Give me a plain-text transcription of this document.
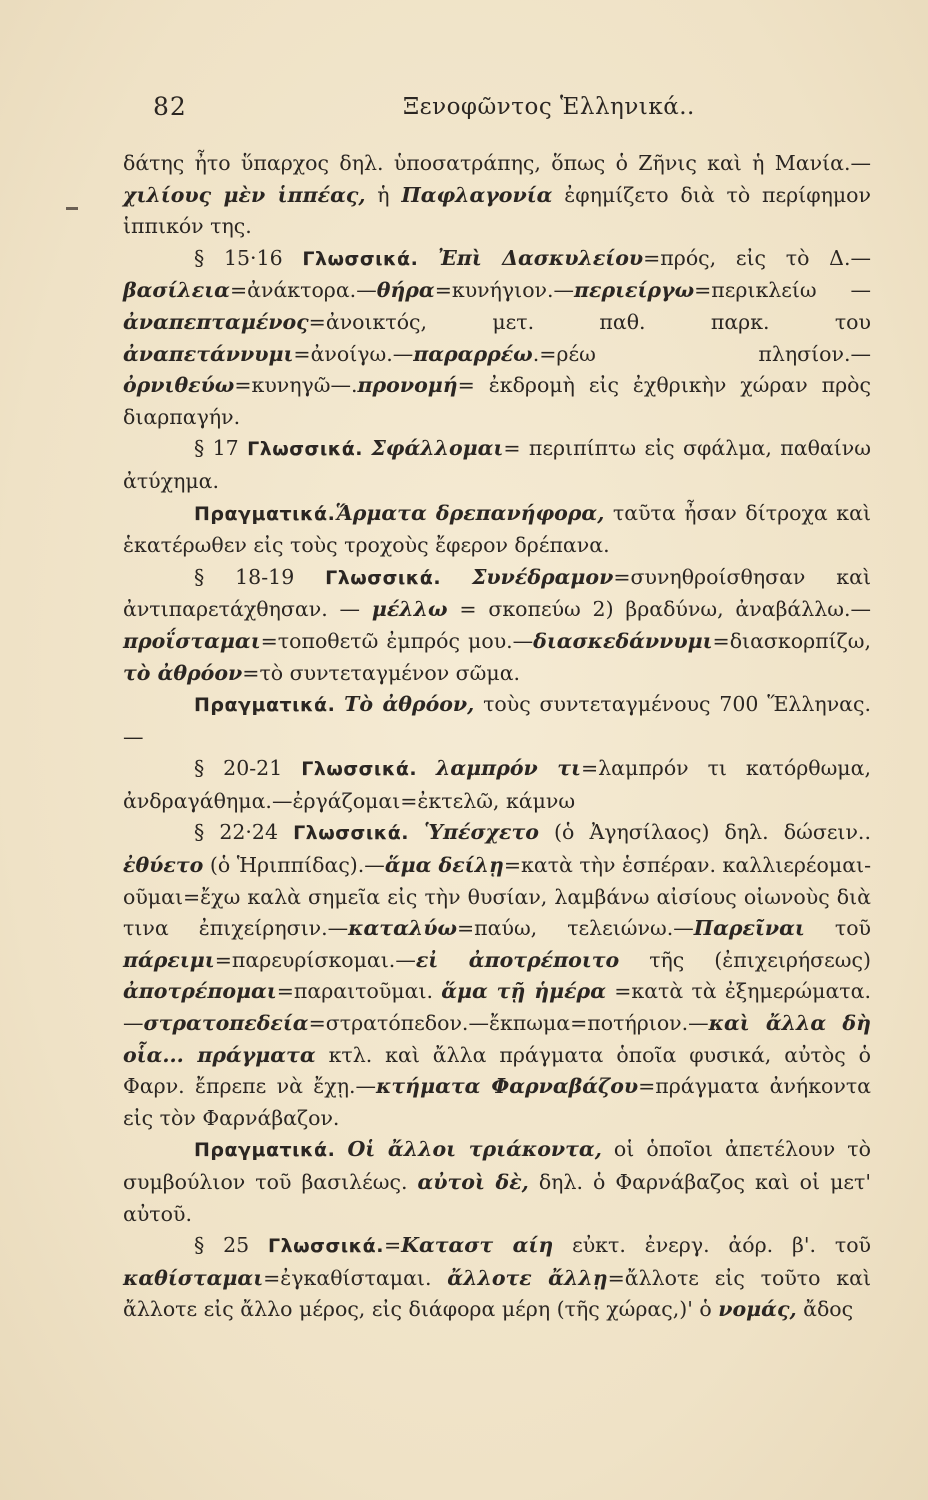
82	Ξενοφῶντος Ἑλληνικά..

δάτης ἦτο ὕπαρχος δηλ. ὑποσατράπης, ὅπως ὁ Ζῆνις καὶ ἡ Μανία.— χιλίους μὲν ἱππέας, ἡ Παφλαγονία ἐφημίζετο διὰ τὸ περίφημον ἱππικόν της.

§ 15·16 Γλωσσικά. Ἐπὶ Δασκυλείου=πρός, εἰς τὸ Δ.— βασίλεια=ἀνάκτορα.—θήρα=κυνήγιον.—περιείργω=περικλείω —ἀναπεπταμένος=ἀνοικτός, μετ. παθ. παρκ. του ἀναπετάννυμι=ἀνοίγω.—παραρρέω.=ρέω πλησίον.—ὀρνιθεύω=κυνηγῶ—.προνομή= ἐκδρομὴ εἰς ἐχθρικὴν χώραν πρὸς διαρπαγήν.

§ 17 Γλωσσικά. Σφάλλομαι= περιπίπτω εἰς σφάλμα, παθαίνω ἀτύχημα.

Πραγματικά.Ἅρματα δρεπανήφορα, ταῦτα ἦσαν δίτροχα καὶ ἑκατέρωθεν εἰς τοὺς τροχοὺς ἔφερον δρέπανα.

§ 18-19 Γλωσσικά. Συνέδραμον=συνηθροίσθησαν καὶ ἀντιπαρετάχθησαν. — μέλλω = σκοπεύω 2) βραδύνω, ἀναβάλλω.— προΐσταμαι=τοποθετῶ ἐμπρός μου.—διασκεδάννυμι=διασκορπίζω, τὸ ἀθρόον=τὸ συντεταγμένον σῶμα.

Πραγματικά. Τὸ ἀθρόον, τοὺς συντεταγμένους 700 Ἕλληνας.—

§ 20-21 Γλωσσικά. λαμπρόν τι=λαμπρόν τι κατόρθωμα, ἀνδραγάθημα.—ἐργάζομαι=ἐκτελῶ, κάμνω

§ 22·24 Γλωσσικά. Ὑπέσχετο (ὁ Ἀγησίλαος) δηλ. δώσειν.. ἐθύετο (ὁ Ἡριππίδας).—ἅμα δείλῃ=κατὰ τὴν ἑσπέραν. καλλιερέομαι-οῦμαι=ἔχω καλὰ σημεῖα εἰς τὴν θυσίαν, λαμβάνω αἰσίους οἰωνοὺς διὰ τινα ἐπιχείρησιν.—καταλύω=παύω, τελειώνω.—Παρεῖναι τοῦ πάρειμι=παρευρίσκομαι.—εἰ ἀποτρέποιτο τῆς (ἐπιχειρήσεως) ἀποτρέπομαι=παραιτοῦμαι. ἅμα τῇ ἡμέρα =κατὰ τὰ ἐξημερώματα.—στρατοπεδεία=στρατόπεδον.—ἔκπωμα=ποτήριον.—καὶ ἄλλα δὴ οἷα... πράγματα κτλ. καὶ ἄλλα πράγματα ὁποῖα φυσικά, αὐτὸς ὁ Φαρν. ἔπρεπε νὰ ἔχῃ.—κτήματα Φαρναβάζου=πράγματα ἀνήκοντα εἰς τὸν Φαρνάβαζον.

Πραγματικά. Οἱ ἄλλοι τριάκοντα, οἱ ὁποῖοι ἀπετέλουν τὸ συμβούλιον τοῦ βασιλέως. αὐτοὶ δὲ, δηλ. ὁ Φαρνάβαζος καὶ οἱ μετ' αὐτοῦ.

§ 25 Γλωσσικά.=Καταστ αίη εὐκτ. ἐνεργ. ἀόρ. β'. τοῦ καθίσταμαι=ἐγκαθίσταμαι. ἄλλοτε ἄλλῃ=ἄλλοτε εἰς τοῦτο καὶ ἄλλοτε εἰς ἄλλο μέρος, εἰς διάφορα μέρη (τῆς χώρας,)' ὁ νομάς, ἄδος
